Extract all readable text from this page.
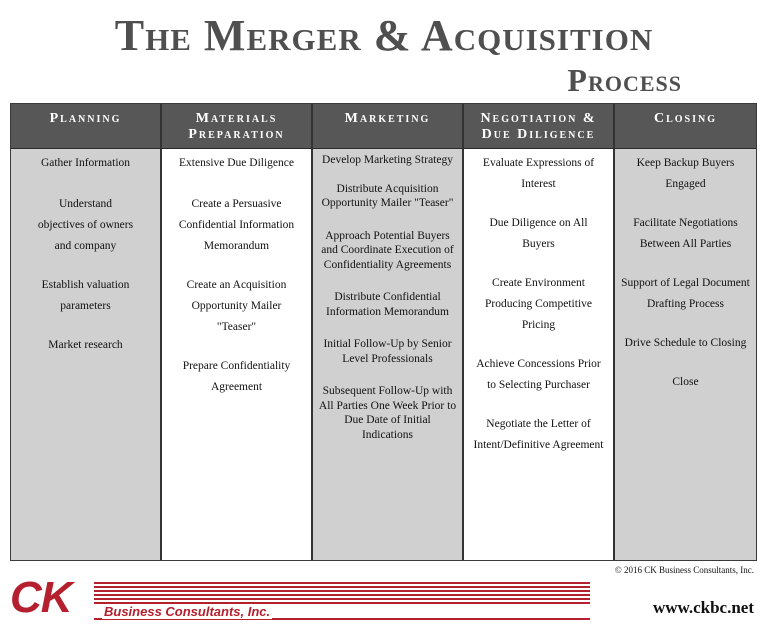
The Merger & Acquisition
Process
Planning

Gather Information

Understand objectives of owners and company

Establish valuation parameters

Market research

Materials Preparation

Extensive Due Diligence

Create a Persuasive Confidential Information Memorandum

Create an Acquisition Opportunity Mailer "Teaser"

Prepare Confidentiality Agreement

Marketing

Develop Marketing Strategy

Distribute Acquisition Opportunity Mailer "Teaser"

Approach Potential Buyers and Coordinate Execution of Confidentiality Agreements

Distribute Confidential Information Memorandum

Initial Follow-Up by Senior Level Professionals

Subsequent Follow-Up with All Parties One Week Prior to Due Date of Initial Indications

Negotiation & Due Diligence

Evaluate Expressions of Interest

Due Diligence on All Buyers

Create Environment Producing Competitive Pricing

Achieve Concessions Prior to Selecting Purchaser

Negotiate the Letter of Intent/Definitive Agreement

Closing

Keep Backup Buyers Engaged

Facilitate Negotiations Between All Parties

Support of Legal Document Drafting Process

Drive Schedule to Closing

Close

© 2016 CK Business Consultants, Inc.
CK Business Consultants, Inc.	www.ckbc.net
